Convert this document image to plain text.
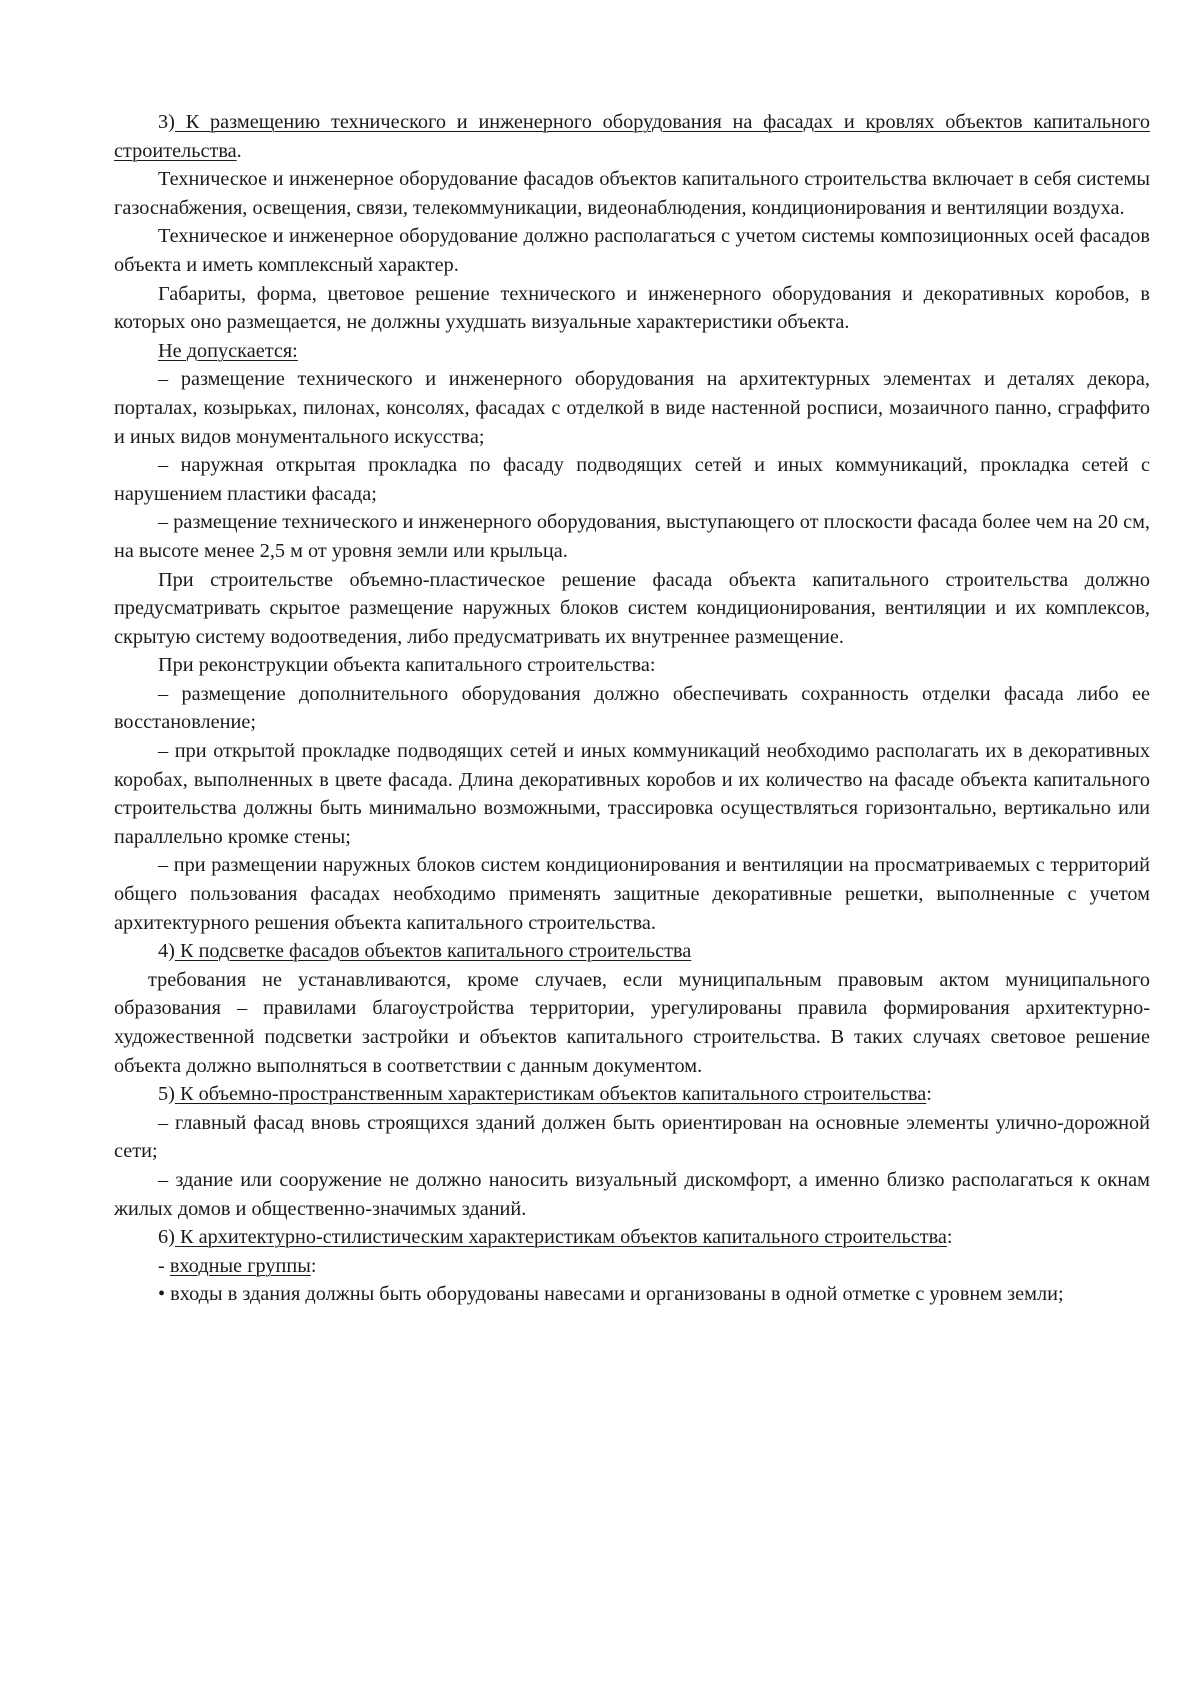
3) К размещению технического и инженерного оборудования на фасадах и кровлях объектов капитального строительства.

Техническое и инженерное оборудование фасадов объектов капитального строительства включает в себя системы газоснабжения, освещения, связи, телекоммуникации, видеонаблюдения, кондиционирования и вентиляции воздуха.

Техническое и инженерное оборудование должно располагаться с учетом системы композиционных осей фасадов объекта и иметь комплексный характер.

Габариты, форма, цветовое решение технического и инженерного оборудования и декоративных коробов, в которых оно размещается, не должны ухудшать визуальные характеристики объекта.

Не допускается:

– размещение технического и инженерного оборудования на архитектурных элементах и деталях декора, порталах, козырьках, пилонах, консолях, фасадах с отделкой в виде настенной росписи, мозаичного панно, сграффито и иных видов монументального искусства;

– наружная открытая прокладка по фасаду подводящих сетей и иных коммуникаций, прокладка сетей с нарушением пластики фасада;

– размещение технического и инженерного оборудования, выступающего от плоскости фасада более чем на 20 см, на высоте менее 2,5 м от уровня земли или крыльца.

При строительстве объемно-пластическое решение фасада объекта капитального строительства должно предусматривать скрытое размещение наружных блоков систем кондиционирования, вентиляции и их комплексов, скрытую систему водоотведения, либо предусматривать их внутреннее размещение.

При реконструкции объекта капитального строительства:

– размещение дополнительного оборудования должно обеспечивать сохранность отделки фасада либо ее восстановление;

– при открытой прокладке подводящих сетей и иных коммуникаций необходимо располагать их в декоративных коробах, выполненных в цвете фасада. Длина декоративных коробов и их количество на фасаде объекта капитального строительства должны быть минимально возможными, трассировка осуществляться горизонтально, вертикально или параллельно кромке стены;

– при размещении наружных блоков систем кондиционирования и вентиляции на просматриваемых с территорий общего пользования фасадах необходимо применять защитные декоративные решетки, выполненные с учетом архитектурного решения объекта капитального строительства.

4) К подсветке фасадов объектов капитального строительства

требования не устанавливаются, кроме случаев, если муниципальным правовым актом муниципального образования – правилами благоустройства территории, урегулированы правила формирования архитектурно-художественной подсветки застройки и объектов капитального строительства. В таких случаях световое решение объекта должно выполняться в соответствии с данным документом.

5) К объемно-пространственным характеристикам объектов капитального строительства:

– главный фасад вновь строящихся зданий должен быть ориентирован на основные элементы улично-дорожной сети;

– здание или сооружение не должно наносить визуальный дискомфорт, а именно близко располагаться к окнам жилых домов и общественно-значимых зданий.

6) К архитектурно-стилистическим характеристикам объектов капитального строительства:

- входные группы:

• входы в здания должны быть оборудованы навесами и организованы в одной отметке с уровнем земли;
